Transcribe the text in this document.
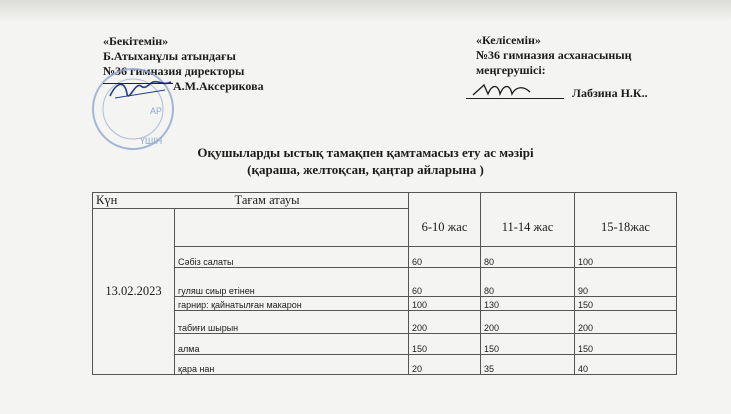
«Бекітемін»
Б.Атыханұлы атындағы
№36 гимназия директоры
А.М.Аксерикова
ҮШІН
АР
«Келісемін»
№36 гимназия асханасының
меңгерушісі:
Лабзина Н.К..
Оқушыларды ыстық тамақпен қамтамасыз ету ас мәзірі
(қараша, желтоқсан, қаңтар айларына )
Күн	Тағам атауы			
13.02.2023		6-10 жас	11-14 жас	15-18жас
	Сәбіз салаты	60	80	100
	гуляш сиыр етінен	60	80	90
	гарнир: қайнатылған макарон	100	130	150
	табиғи шырын	200	200	200
	алма	150	150	150
	қара нан	20	35	40
